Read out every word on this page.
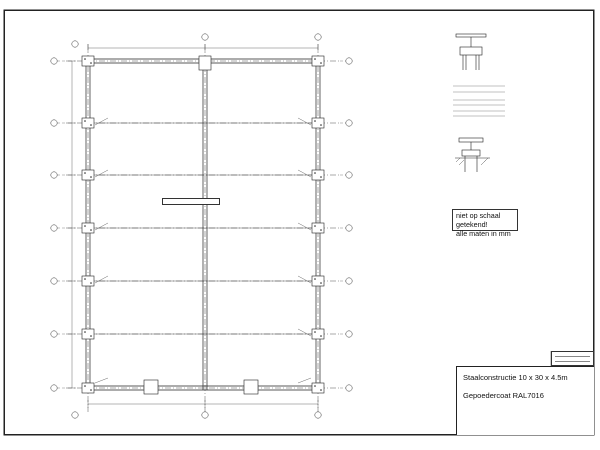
niet op schaal getekend!
alle maten in mm
Staalconstructie 10 x 30 x 4.5m
Gepoedercoat RAL7016
